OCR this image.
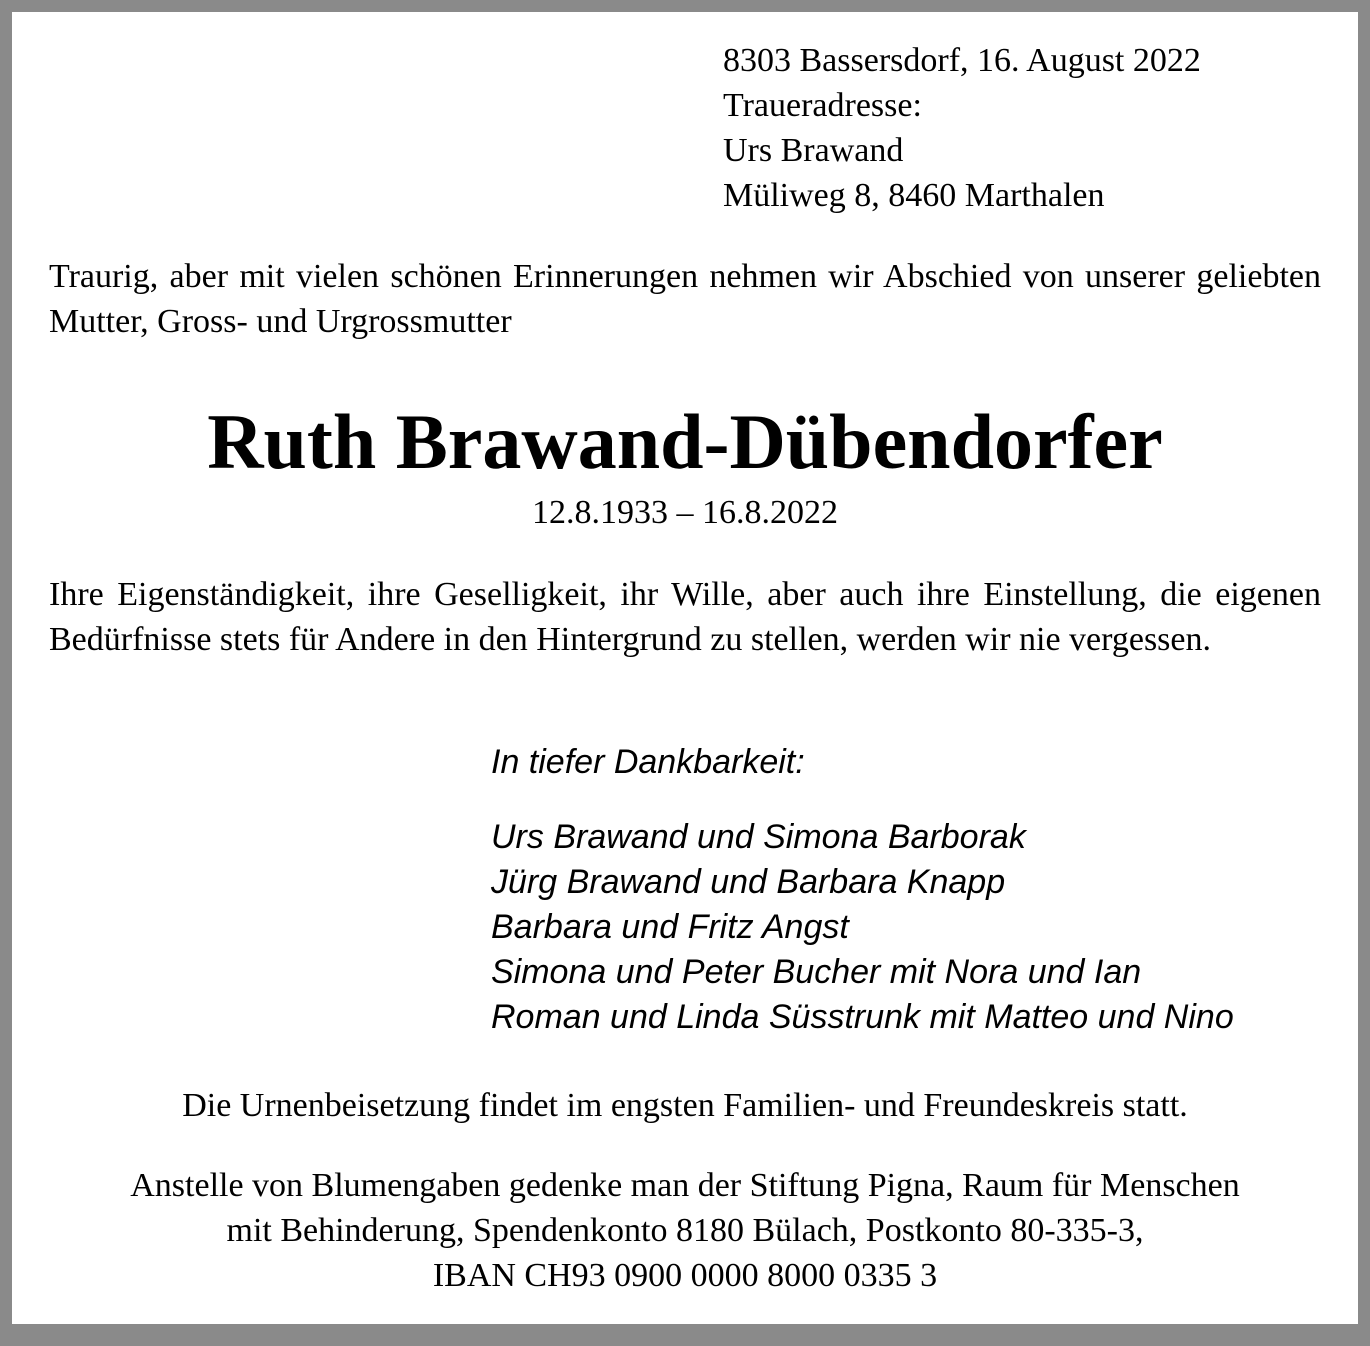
8303 Bassersdorf, 16. August 2022
Traueradresse:
Urs Brawand
Müliweg 8, 8460 Marthalen
Traurig, aber mit vielen schönen Erinnerungen nehmen wir Abschied von unserer geliebten Mutter, Gross- und Urgrossmutter
Ruth Brawand-Dübendorfer
12.8.1933 – 16.8.2022
Ihre Eigenständigkeit, ihre Geselligkeit, ihr Wille, aber auch ihre Einstellung, die eigenen Bedürfnisse stets für Andere in den Hintergrund zu stellen, werden wir nie vergessen.
In tiefer Dankbarkeit:
Urs Brawand und Simona Barborak
Jürg Brawand und Barbara Knapp
Barbara und Fritz Angst
Simona und Peter Bucher mit Nora und Ian
Roman und Linda Süsstrunk mit Matteo und Nino
Die Urnenbeisetzung findet im engsten Familien- und Freundeskreis statt.
Anstelle von Blumengaben gedenke man der Stiftung Pigna, Raum für Menschen
mit Behinderung, Spendenkonto 8180 Bülach, Postkonto 80-335-3,
IBAN CH93 0900 0000 8000 0335 3
